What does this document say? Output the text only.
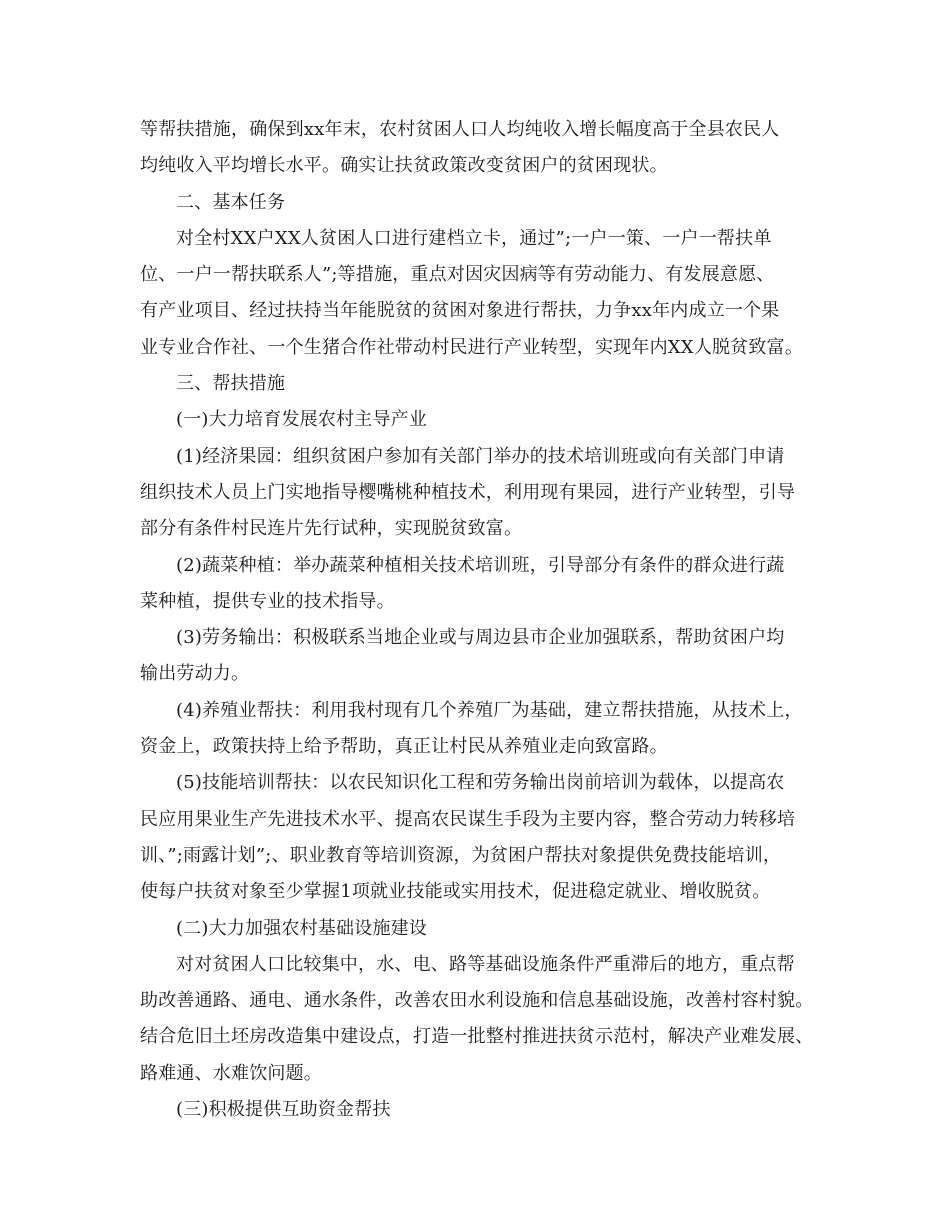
等帮扶措施，确保到xx年末，农村贫困人口人均纯收入增长幅度高于全县农民人
均纯收入平均增长水平。确实让扶贫政策改变贫困户的贫困现状。
二、基本任务
对全村XX户XX人贫困人口进行建档立卡，通过”;一户一策、一户一帮扶单
位、一户一帮扶联系人”;等措施，重点对因灾因病等有劳动能力、有发展意愿、
有产业项目、经过扶持当年能脱贫的贫困对象进行帮扶，力争xx年内成立一个果
业专业合作社、一个生猪合作社带动村民进行产业转型，实现年内XX人脱贫致富。
三、帮扶措施
(一)大力培育发展农村主导产业
(1)经济果园：组织贫困户参加有关部门举办的技术培训班或向有关部门申请
组织技术人员上门实地指导樱嘴桃种植技术，利用现有果园，进行产业转型，引导
部分有条件村民连片先行试种，实现脱贫致富。
(2)蔬菜种植：举办蔬菜种植相关技术培训班，引导部分有条件的群众进行蔬
菜种植，提供专业的技术指导。
(3)劳务输出：积极联系当地企业或与周边县市企业加强联系，帮助贫困户均
输出劳动力。
(4)养殖业帮扶：利用我村现有几个养殖厂为基础，建立帮扶措施，从技术上，
资金上，政策扶持上给予帮助，真正让村民从养殖业走向致富路。
(5)技能培训帮扶：以农民知识化工程和劳务输出岗前培训为载体，以提高农
民应用果业生产先进技术水平、提高农民谋生手段为主要内容，整合劳动力转移培
训、”;雨露计划”;、职业教育等培训资源，为贫困户帮扶对象提供免费技能培训，
使每户扶贫对象至少掌握1项就业技能或实用技术，促进稳定就业、增收脱贫。
(二)大力加强农村基础设施建设
对对贫困人口比较集中，水、电、路等基础设施条件严重滞后的地方，重点帮
助改善通路、通电、通水条件，改善农田水利设施和信息基础设施，改善村容村貌。
结合危旧土坯房改造集中建设点，打造一批整村推进扶贫示范村，解决产业难发展、
路难通、水难饮问题。
(三)积极提供互助资金帮扶
